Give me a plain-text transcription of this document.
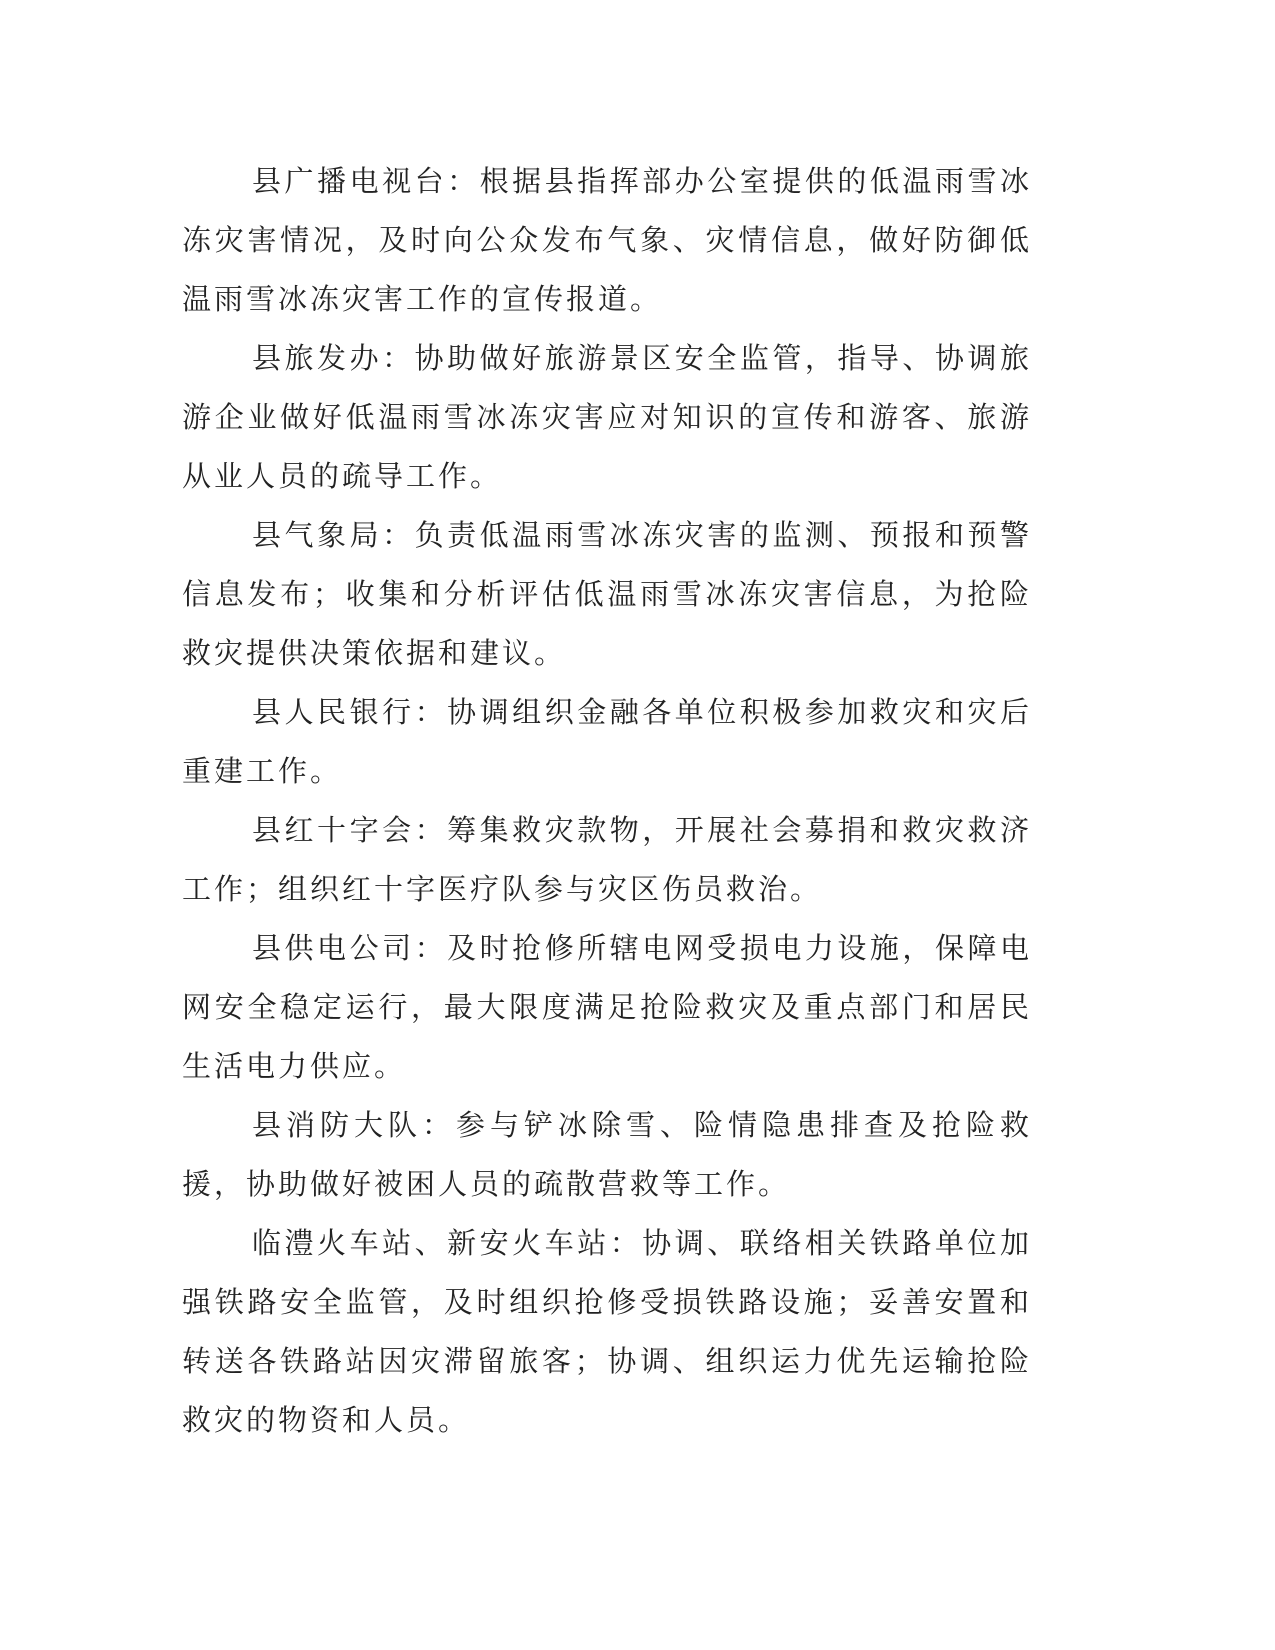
县广播电视台：根据县指挥部办公室提供的低温雨雪冰冻灾害情况，及时向公众发布气象、灾情信息，做好防御低温雨雪冰冻灾害工作的宣传报道。

县旅发办：协助做好旅游景区安全监管，指导、协调旅游企业做好低温雨雪冰冻灾害应对知识的宣传和游客、旅游从业人员的疏导工作。

县气象局：负责低温雨雪冰冻灾害的监测、预报和预警信息发布；收集和分析评估低温雨雪冰冻灾害信息，为抢险救灾提供决策依据和建议。

县人民银行：协调组织金融各单位积极参加救灾和灾后重建工作。

县红十字会：筹集救灾款物，开展社会募捐和救灾救济工作；组织红十字医疗队参与灾区伤员救治。

县供电公司：及时抢修所辖电网受损电力设施，保障电网安全稳定运行，最大限度满足抢险救灾及重点部门和居民生活电力供应。

县消防大队：参与铲冰除雪、险情隐患排查及抢险救援，协助做好被困人员的疏散营救等工作。

临澧火车站、新安火车站：协调、联络相关铁路单位加强铁路安全监管，及时组织抢修受损铁路设施；妥善安置和转送各铁路站因灾滞留旅客；协调、组织运力优先运输抢险救灾的物资和人员。
